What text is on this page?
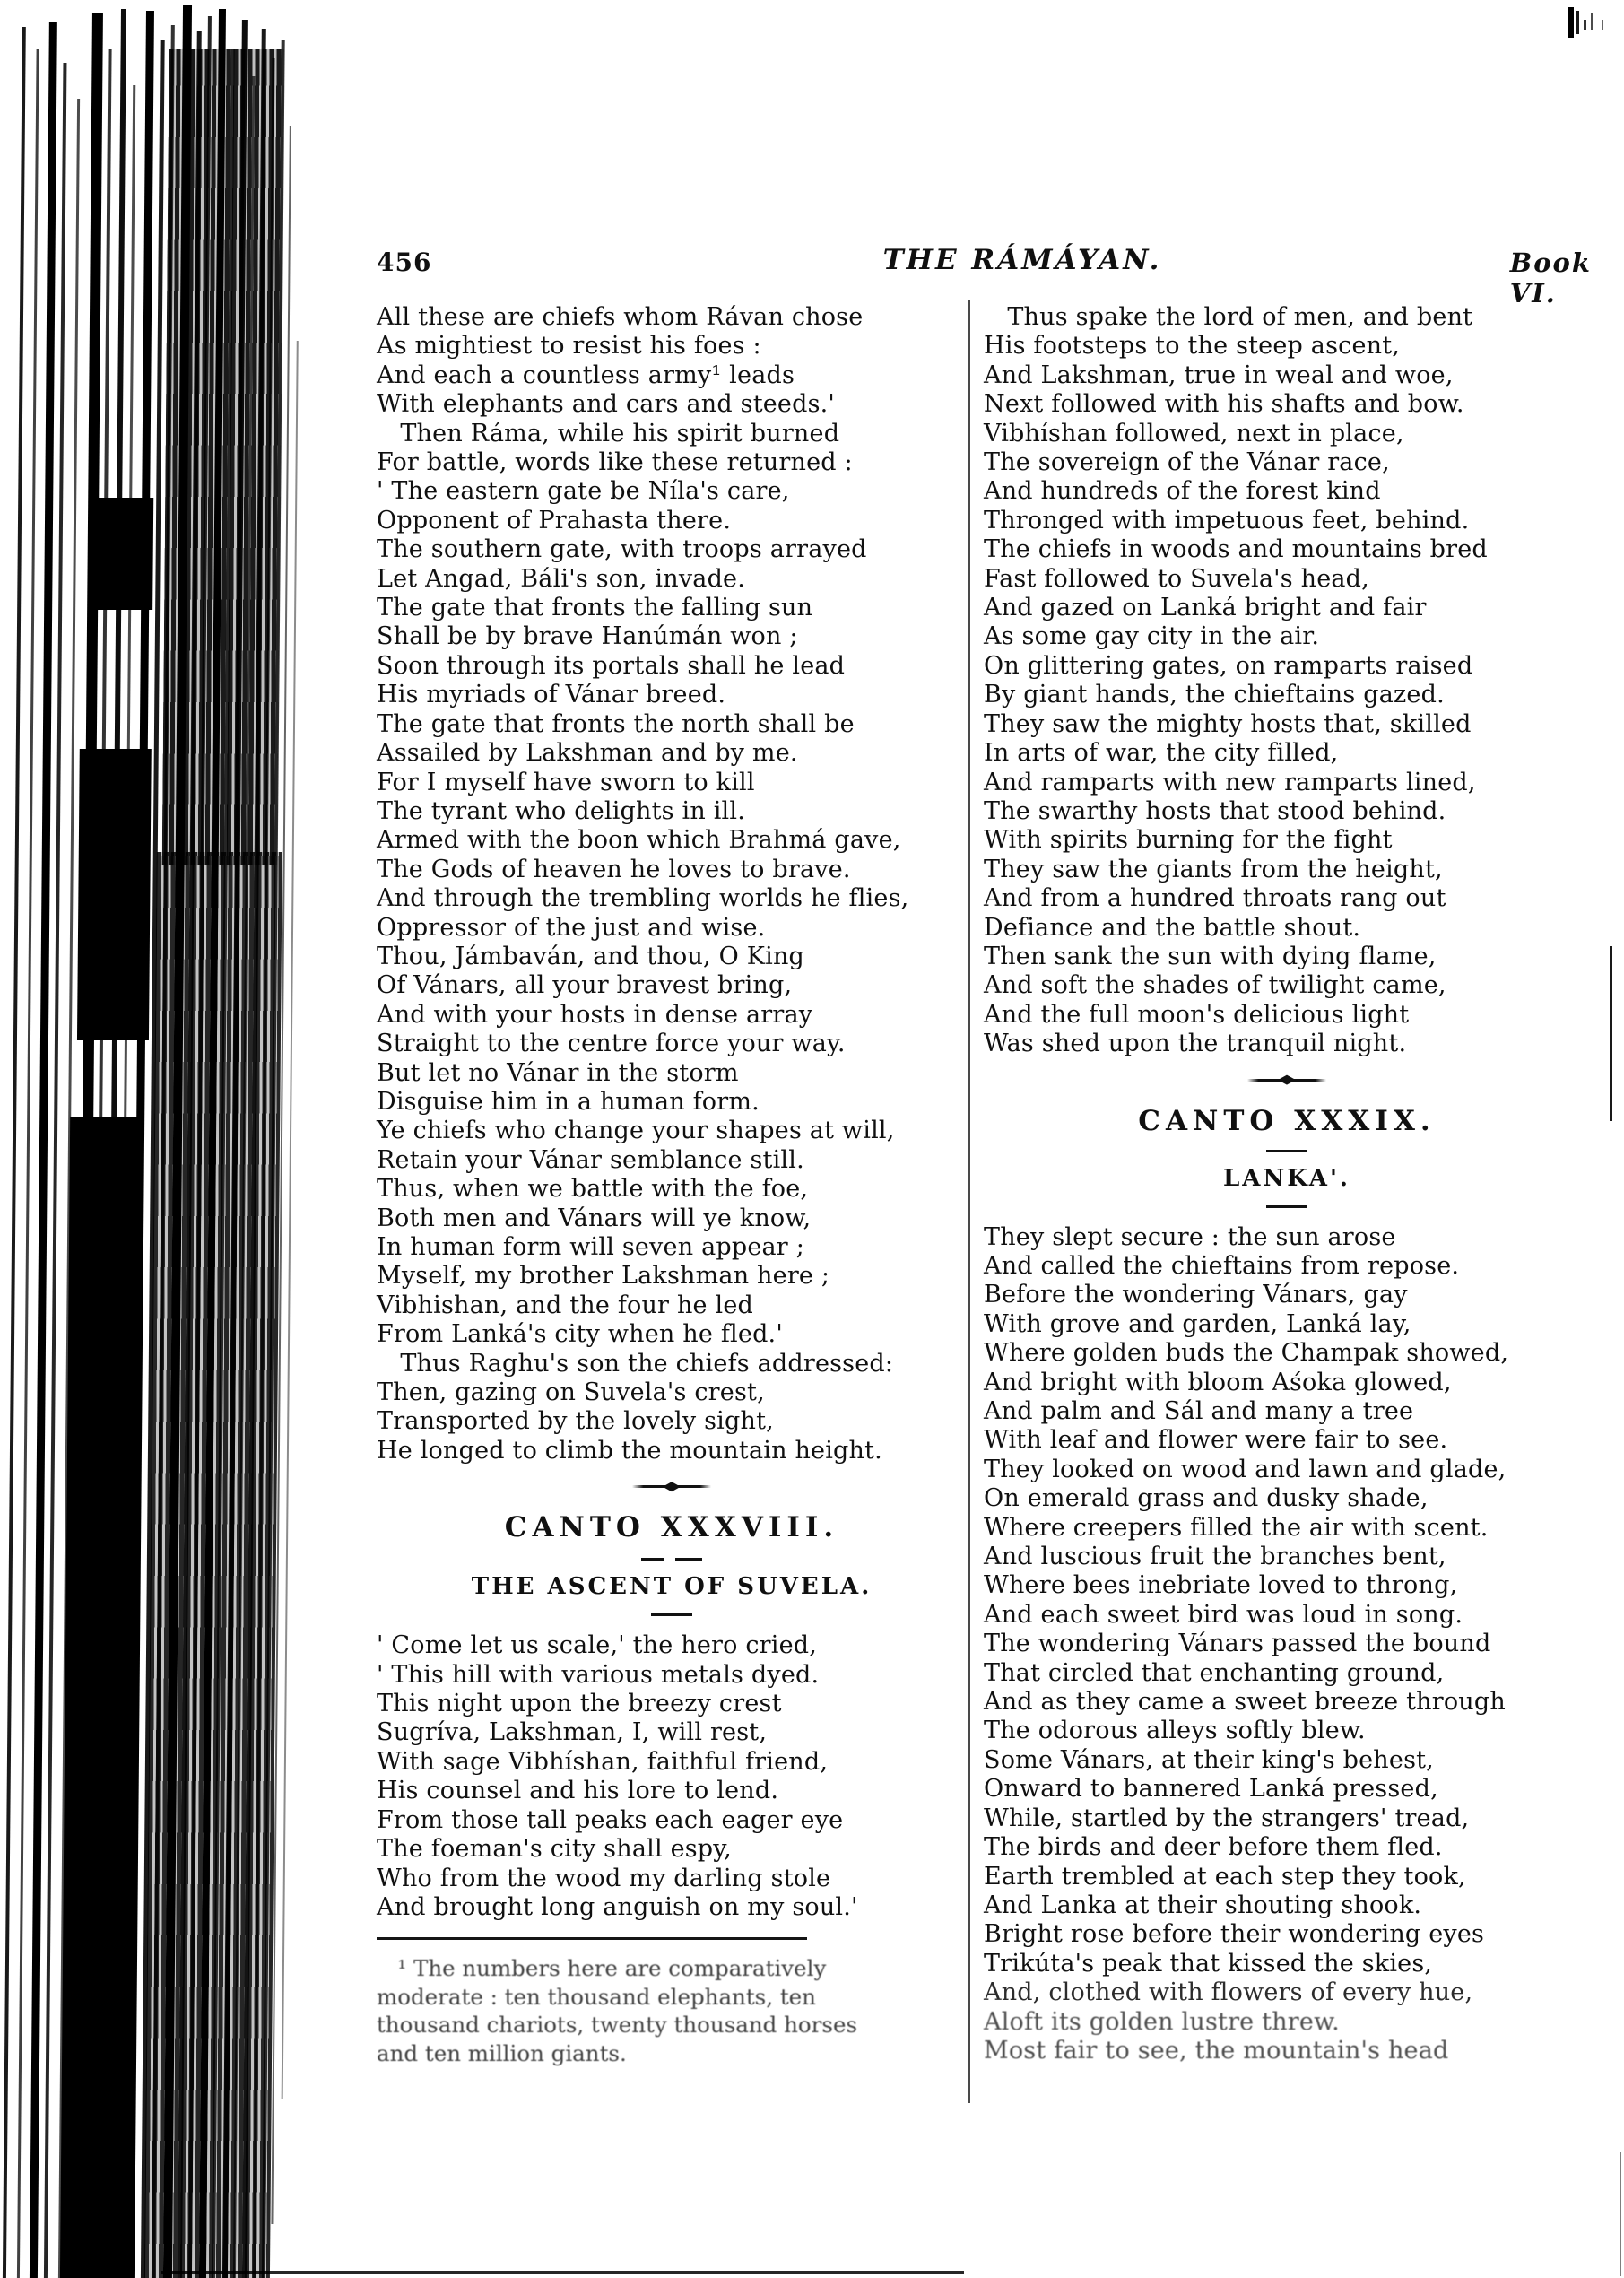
456	THE RÁMÁYAN.	Book VI.
All these are chiefs whom Rávan chose
As mightiest to resist his foes :
And each a countless army¹ leads
With elephants and cars and steeds.'
Then Ráma, while his spirit burned
For battle, words like these returned :
' The eastern gate be Níla's care,
Opponent of Prahasta there.
The southern gate, with troops arrayed
Let Angad, Báli's son, invade.
The gate that fronts the falling sun
Shall be by brave Hanúmán won ;
Soon through its portals shall he lead
His myriads of Vánar breed.
The gate that fronts the north shall be
Assailed by Lakshman and by me.
For I myself have sworn to kill
The tyrant who delights in ill.
Armed with the boon which Brahmá gave,
The Gods of heaven he loves to brave.
And through the trembling worlds he flies,
Oppressor of the just and wise.
Thou, Jámbaván, and thou, O King
Of Vánars, all your bravest bring,
And with your hosts in dense array
Straight to the centre force your way.
But let no Vánar in the storm
Disguise him in a human form.
Ye chiefs who change your shapes at will,
Retain your Vánar semblance still.
Thus, when we battle with the foe,
Both men and Vánars will ye know,
In human form will seven appear ;
Myself, my brother Lakshman here ;
Vibhishan, and the four he led
From Lanká's city when he fled.'
Thus Raghu's son the chiefs addressed:
Then, gazing on Suvela's crest,
Transported by the lovely sight,
He longed to climb the mountain height.
CANTO XXXVIII.
THE ASCENT OF SUVELA.
' Come let us scale,' the hero cried,
' This hill with various metals dyed.
This night upon the breezy crest
Sugríva, Lakshman, I, will rest,
With sage Vibhíshan, faithful friend,
His counsel and his lore to lend.
From those tall peaks each eager eye
The foeman's city shall espy,
Who from the wood my darling stole
And brought long anguish on my soul.'
¹ The numbers here are comparatively
moderate : ten thousand elephants, ten
thousand chariots, twenty thousand horses
and ten million giants.
Thus spake the lord of men, and bent
His footsteps to the steep ascent,
And Lakshman, true in weal and woe,
Next followed with his shafts and bow.
Vibhíshan followed, next in place,
The sovereign of the Vánar race,
And hundreds of the forest kind
Thronged with impetuous feet, behind.
The chiefs in woods and mountains bred
Fast followed to Suvela's head,
And gazed on Lanká bright and fair
As some gay city in the air.
On glittering gates, on ramparts raised
By giant hands, the chieftains gazed.
They saw the mighty hosts that, skilled
In arts of war, the city filled,
And ramparts with new ramparts lined,
The swarthy hosts that stood behind.
With spirits burning for the fight
They saw the giants from the height,
And from a hundred throats rang out
Defiance and the battle shout.
Then sank the sun with dying flame,
And soft the shades of twilight came,
And the full moon's delicious light
Was shed upon the tranquil night.
CANTO XXXIX.
LANKA'.
They slept secure : the sun arose
And called the chieftains from repose.
Before the wondering Vánars, gay
With grove and garden, Lanká lay,
Where golden buds the Champak showed,
And bright with bloom Aśoka glowed,
And palm and Sál and many a tree
With leaf and flower were fair to see.
They looked on wood and lawn and glade,
On emerald grass and dusky shade,
Where creepers filled the air with scent.
And luscious fruit the branches bent,
Where bees inebriate loved to throng,
And each sweet bird was loud in song.
The wondering Vánars passed the bound
That circled that enchanting ground,
And as they came a sweet breeze through
The odorous alleys softly blew.
Some Vánars, at their king's behest,
Onward to bannered Lanká pressed,
While, startled by the strangers' tread,
The birds and deer before them fled.
Earth trembled at each step they took,
And Lanka at their shouting shook.
Bright rose before their wondering eyes
Trikúta's peak that kissed the skies,
And, clothed with flowers of every hue,
Aloft its golden lustre threw.
Most fair to see, the mountain's head
